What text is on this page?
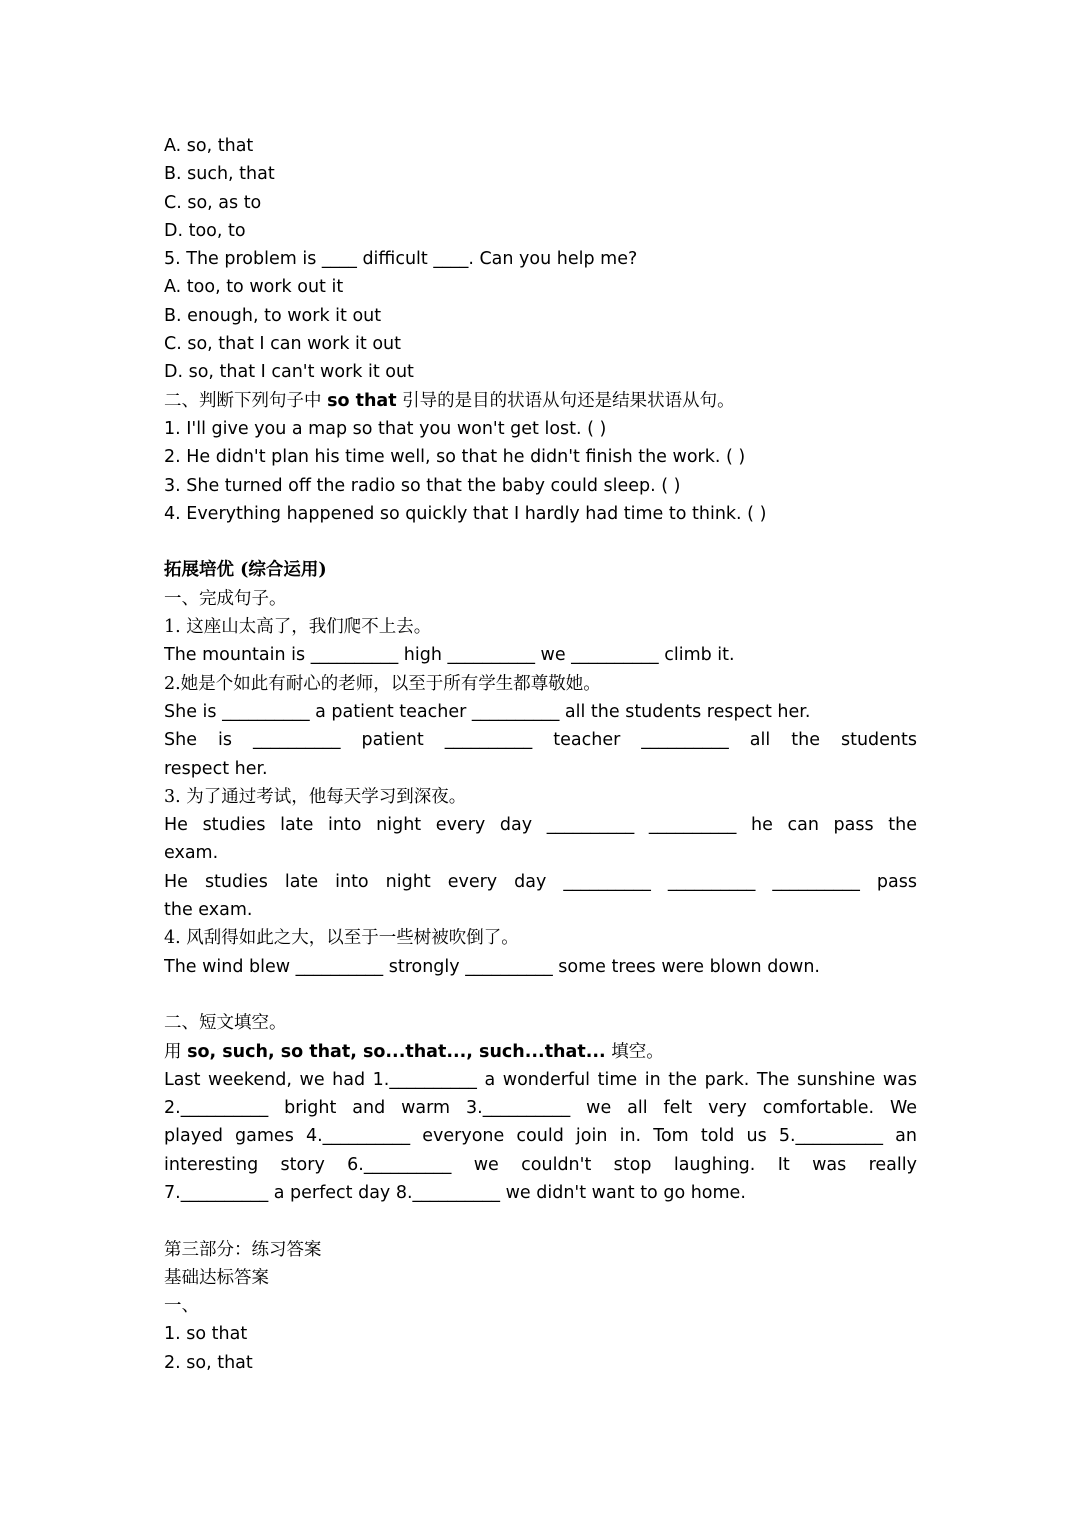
A. so, that
B. such, that
C. so, as to
D. too, to
5. The problem is ____ difficult ____. Can you help me?
A. too, to work out it
B. enough, to work it out
C. so, that I can work it out
D. so, that I can't work it out
二、判断下列句子中 so that 引导的是目的状语从句还是结果状语从句。
1. I'll give you a map so that you won't get lost. ( )
2. He didn't plan his time well, so that he didn't finish the work. ( )
3. She turned off the radio so that the baby could sleep. ( )
4. Everything happened so quickly that I hardly had time to think. ( )
拓展培优 (综合运用)
一、完成句子。
1. 这座山太高了，我们爬不上去。
The mountain is __________ high __________ we __________ climb it.
2.她是个如此有耐心的老师，以至于所有学生都尊敬她。
She is __________ a patient teacher __________ all the students respect her.
She is __________ patient __________ teacher __________ all the students
respect her.
3. 为了通过考试，他每天学习到深夜。
He studies late into night every day __________ __________ he can pass the
exam.
He studies late into night every day __________ __________ __________ pass
the exam.
4. 风刮得如此之大，以至于一些树被吹倒了。
The wind blew __________ strongly __________ some trees were blown down.
二、短文填空。
用 so, such, so that, so...that..., such...that... 填空。
Last weekend, we had 1.__________ a wonderful time in the park. The sunshine was
2.__________ bright and warm 3.__________ we all felt very comfortable. We
played games 4.__________ everyone could join in. Tom told us 5.__________ an
interesting story 6.__________ we couldn't stop laughing. It was really
7.__________ a perfect day 8.__________ we didn't want to go home.
第三部分：练习答案
基础达标答案
一、
1. so that
2. so, that
